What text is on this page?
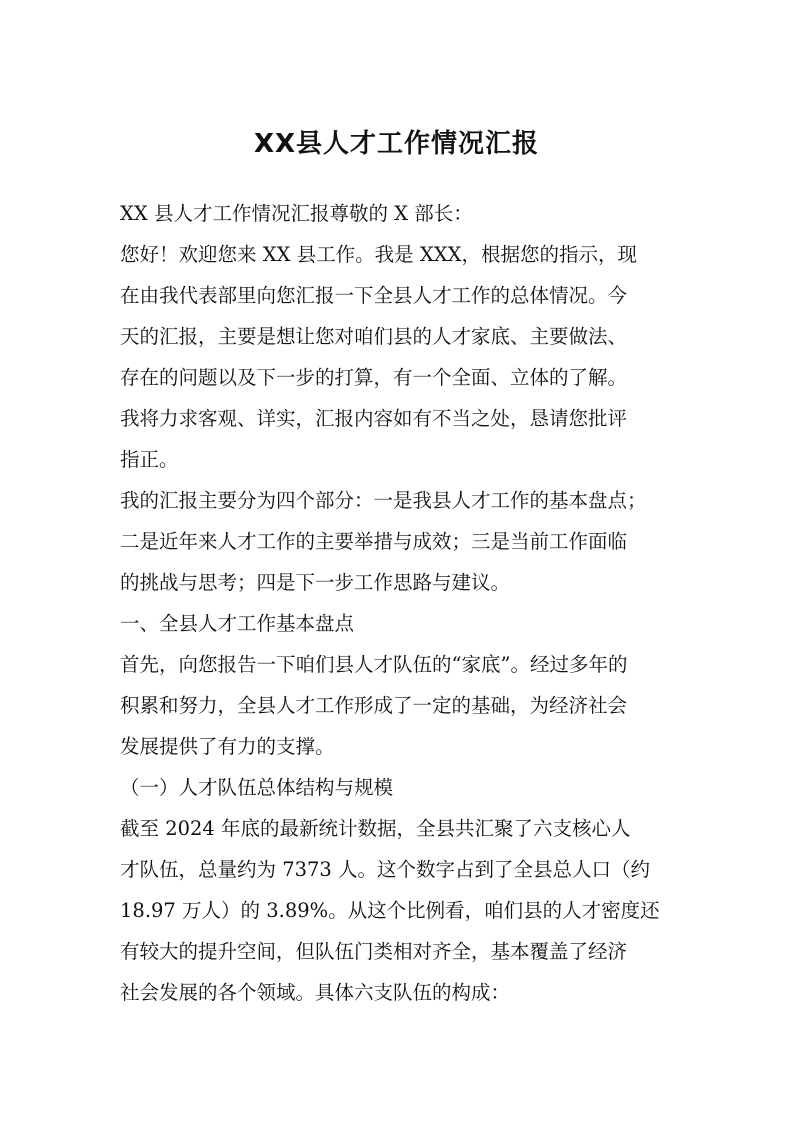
XX县人才工作情况汇报
XX 县人才工作情况汇报尊敬的 X 部长：
您好！欢迎您来 XX 县工作。我是 XXX，根据您的指示，现
在由我代表部里向您汇报一下全县人才工作的总体情况。今
天的汇报，主要是想让您对咱们县的人才家底、主要做法、
存在的问题以及下一步的打算，有一个全面、立体的了解。
我将力求客观、详实，汇报内容如有不当之处，恳请您批评
指正。
我的汇报主要分为四个部分：一是我县人才工作的基本盘点；
二是近年来人才工作的主要举措与成效；三是当前工作面临
的挑战与思考；四是下一步工作思路与建议。
一、全县人才工作基本盘点
首先，向您报告一下咱们县人才队伍的“家底”。经过多年的
积累和努力，全县人才工作形成了一定的基础，为经济社会
发展提供了有力的支撑。
（一）人才队伍总体结构与规模
截至 2024 年底的最新统计数据，全县共汇聚了六支核心人
才队伍，总量约为 7373 人。这个数字占到了全县总人口（约
18.97 万人）的 3.89%。从这个比例看，咱们县的人才密度还
有较大的提升空间，但队伍门类相对齐全，基本覆盖了经济
社会发展的各个领域。具体六支队伍的构成：
